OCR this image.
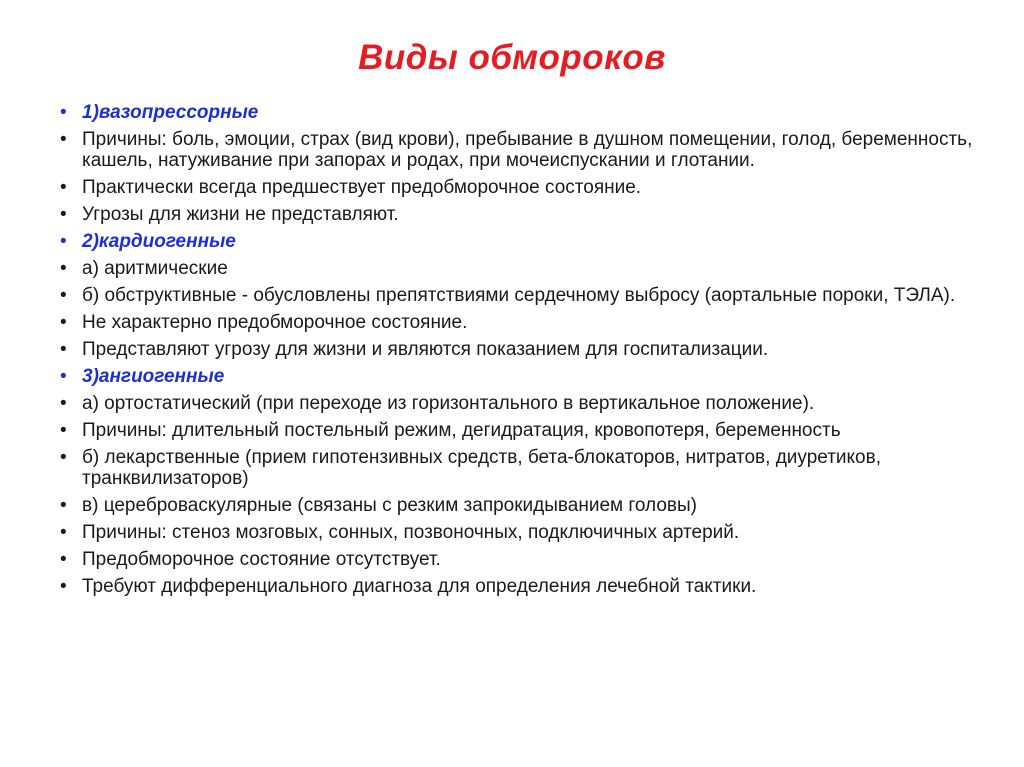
Виды обмороков
• 1)вазопрессорные
• Причины: боль, эмоции, страх (вид крови), пребывание в душном помещении, голод, беременность, кашель, натуживание при запорах и родах, при мочеиспускании и глотании.
• Практически всегда предшествует предобморочное состояние.
• Угрозы для жизни не представляют.
• 2)кардиогенные
• а) аритмические
• б) обструктивные - обусловлены препятствиями сердечному выбросу (аортальные пороки, ТЭЛА).
• Не характерно предобморочное состояние.
• Представляют угрозу для жизни и являются показанием для госпитализации.
• 3)ангиогенные
• а) ортостатический (при переходе из горизонтального в вертикальное положение).
• Причины: длительный постельный режим, дегидратация, кровопотеря, беременность
• б) лекарственные (прием гипотензивных средств, бета-блокаторов, нитратов, диуретиков,
транквилизаторов)
• в) цереброваскулярные (связаны с резким запрокидыванием головы)
• Причины: стеноз мозговых, сонных, позвоночных, подключичных артерий.
• Предобморочное состояние отсутствует.
• Требуют дифференциального диагноза для определения лечебной тактики.
